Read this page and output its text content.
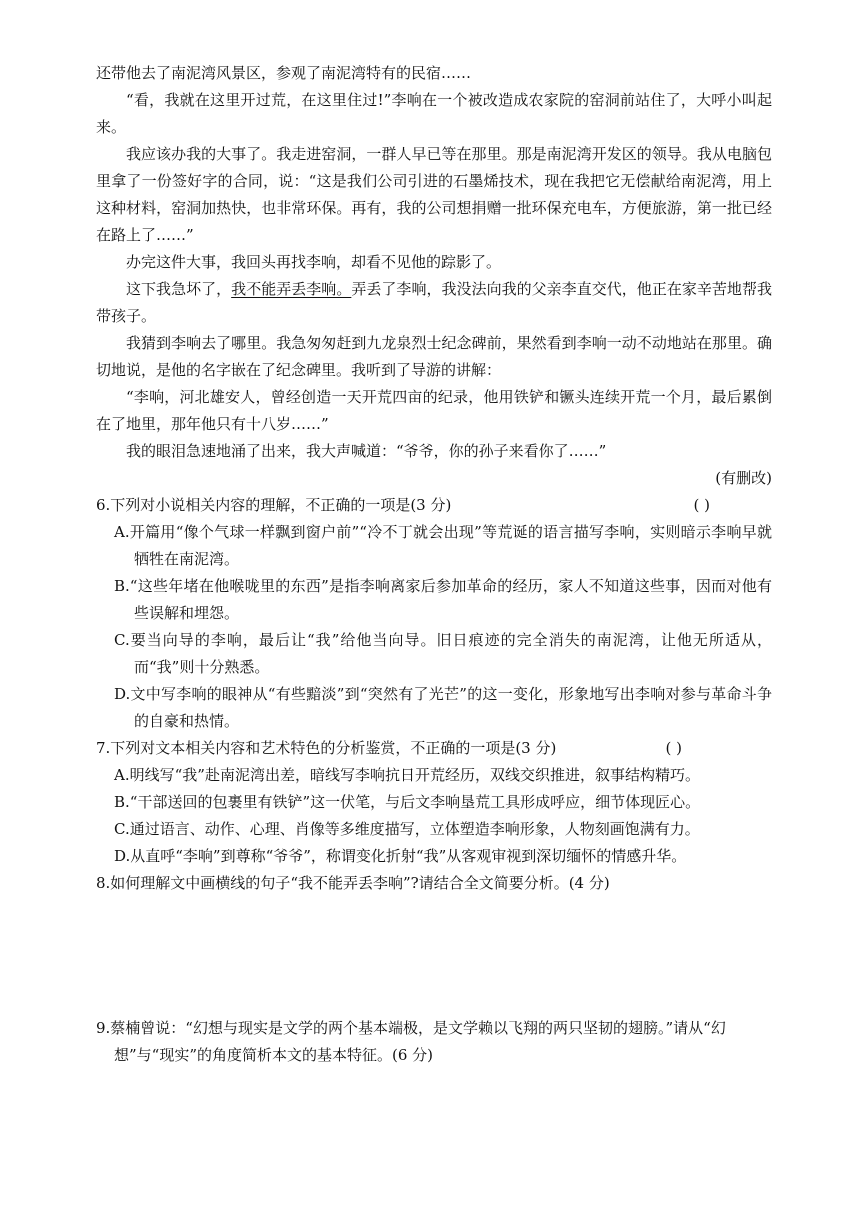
还带他去了南泥湾风景区，参观了南泥湾特有的民宿……

“看，我就在这里开过荒，在这里住过!”李响在一个被改造成农家院的窑洞前站住了，大呼小叫起来。

我应该办我的大事了。我走进窑洞，一群人早已等在那里。那是南泥湾开发区的领导。我从电脑包里拿了一份签好字的合同，说：“这是我们公司引进的石墨烯技术，现在我把它无偿献给南泥湾，用上这种材料，窑洞加热快，也非常环保。再有，我的公司想捐赠一批环保充电车，方便旅游，第一批已经在路上了……”

办完这件大事，我回头再找李响，却看不见他的踪影了。

这下我急坏了，我不能弄丢李响。弄丢了李响，我没法向我的父亲李直交代，他正在家辛苦地帮我带孩子。

我猜到李响去了哪里。我急匆匆赶到九龙泉烈士纪念碑前，果然看到李响一动不动地站在那里。确切地说，是他的名字嵌在了纪念碑里。我听到了导游的讲解：

“李响，河北雄安人，曾经创造一天开荒四亩的纪录，他用铁铲和镢头连续开荒一个月，最后累倒在了地里，那年他只有十八岁……”

我的眼泪急速地涌了出来，我大声喊道：“爷爷，你的孙子来看你了……”

(有删改)

6.下列对小说相关内容的理解，不正确的一项是(3 分)	( )

A.开篇用“像个气球一样飘到窗户前”“冷不丁就会出现”等荒诞的语言描写李响，实则暗示李响早就牺牲在南泥湾。

B.“这些年堵在他喉咙里的东西”是指李响离家后参加革命的经历，家人不知道这些事，因而对他有些误解和埋怨。

C.要当向导的李响，最后让“我”给他当向导。旧日痕迹的完全消失的南泥湾，让他无所适从，而“我”则十分熟悉。

D.文中写李响的眼神从“有些黯淡”到“突然有了光芒”的这一变化，形象地写出李响对参与革命斗争的自豪和热情。

7.下列对文本相关内容和艺术特色的分析鉴赏，不正确的一项是(3 分)	( )

A.明线写“我”赴南泥湾出差，暗线写李响抗日开荒经历，双线交织推进，叙事结构精巧。

B.“干部送回的包裹里有铁铲”这一伏笔，与后文李响垦荒工具形成呼应，细节体现匠心。

C.通过语言、动作、心理、肖像等多维度描写，立体塑造李响形象，人物刻画饱满有力。

D.从直呼“李响”到尊称“爷爷”，称谓变化折射“我”从客观审视到深切缅怀的情感升华。

8.如何理解文中画横线的句子“我不能弄丢李响”?请结合全文简要分析。(4 分)

9.蔡楠曾说：“幻想与现实是文学的两个基本端极，是文学赖以飞翔的两只坚韧的翅膀。”请从“幻想”与“现实”的角度简析本文的基本特征。(6 分)
